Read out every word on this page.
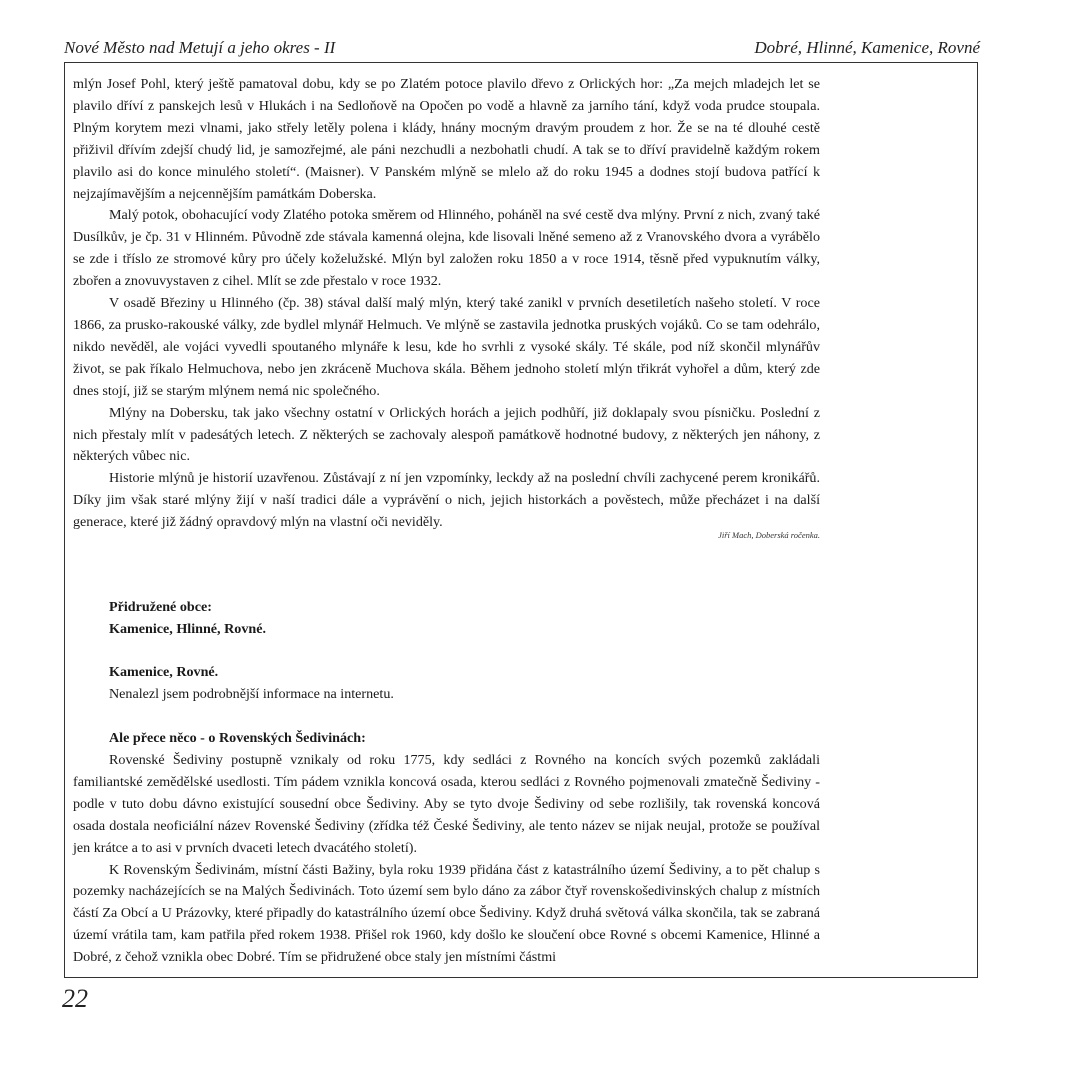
Nové Město nad Metují a jeho okres - II	Dobré, Hlinné, Kamenice, Rovné

mlýn Josef Pohl, který ještě pamatoval dobu, kdy se po Zlatém potoce plavilo dřevo z Orlických hor: „Za mejch mladejch let se plavilo dříví z panskejch lesů v Hlukách i na Sedloňově na Opočen po vodě a hlavně za jarního tání, když voda prudce stoupala. Plným korytem mezi vlnami, jako střely letěly polena i klády, hnány mocným dravým proudem z hor. Že se na té dlouhé cestě přiživil dřívím zdejší chudý lid, je samozřejmé, ale páni nezchudli a nezbohatli chudí. A tak se to dříví pravidelně každým rokem plavilo asi do konce minulého století“. (Maisner). V Panském mlýně se mlelo až do roku 1945 a dodnes stojí budova patřící k nejzajímavějším a nejcennějším památkám Doberska.

Malý potok, obohacující vody Zlatého potoka směrem od Hlinného, poháněl na své cestě dva mlýny. První z nich, zvaný také Dusílkův, je čp. 31 v Hlinném. Původně zde stávala kamenná olejna, kde lisovali lněné semeno až z Vranovského dvora a vyrábělo se zde i tříslo ze stromové kůry pro účely koželužské. Mlýn byl založen roku 1850 a v roce 1914, těsně před vypuknutím války, zbořen a znovuvystaven z cihel. Mlít se zde přestalo v roce 1932.

V osadě Březiny u Hlinného (čp. 38) stával další malý mlýn, který také zanikl v prvních desetiletích našeho století. V roce 1866, za prusko-rakouské války, zde bydlel mlynář Helmuch. Ve mlýně se zastavila jednotka pruských vojáků. Co se tam odehrálo, nikdo nevěděl, ale vojáci vyvedli spoutaného mlynáře k lesu, kde ho svrhli z vysoké skály. Té skále, pod níž skončil mlynářův život, se pak říkalo Helmuchova, nebo jen zkráceně Muchova skála. Během jednoho století mlýn třikrát vyhořel a dům, který zde dnes stojí, již se starým mlýnem nemá nic společného.

Mlýny na Dobersku, tak jako všechny ostatní v Orlických horách a jejich podhůří, již doklapaly svou písničku. Poslední z nich přestaly mlít v padesátých letech. Z některých se zachovaly alespoň památkově hodnotné budovy, z některých jen náhony, z některých vůbec nic.

Historie mlýnů je historií uzavřenou. Zůstávají z ní jen vzpomínky, leckdy až na poslední chvíli zachycené perem kronikářů. Díky jim však staré mlýny žijí v naší tradici dále a vyprávění o nich, jejich historkách a pověstech, může přecházet i na další generace, které již žádný opravdový mlýn na vlastní oči neviděly.

Jiří Mach, Doberská ročenka.
Přidružené obce:
Kamenice, Hlinné, Rovné.
Kamenice, Rovné.
Nenalezl jsem podrobnější informace na internetu.
Ale přece něco - o Rovenských Šedivinách:

Rovenské Šediviny postupně vznikaly od roku 1775, kdy sedláci z Rovného na koncích svých pozemků zakládali familiantské zemědělské usedlosti. Tím pádem vznikla koncová osada, kterou sedláci z Rovného pojmenovali zmatečně Šediviny - podle v tuto dobu dávno existující sousední obce Šediviny. Aby se tyto dvoje Šediviny od sebe rozlišily, tak rovenská koncová osada dostala neoficiální název Rovenské Šediviny (zřídka též České Šediviny, ale tento název se nijak neujal, protože se používal jen krátce a to asi v prvních dvaceti letech dvacátého století).

K Rovenským Šedivinám, místní části Bažiny, byla roku 1939 přidána část z katastrálního území Šediviny, a to pět chalup s pozemky nacházejících se na Malých Šedivinách. Toto území sem bylo dáno za zábor čtyř rovenskošedivinských chalup z místních částí Za Obcí a U Prázovky, které připadly do katastrálního území obce Šediviny. Když druhá světová válka skončila, tak se zabraná území vrátila tam, kam patřila před rokem 1938. Přišel rok 1960, kdy došlo ke sloučení obce Rovné s obcemi Kamenice, Hlinné a Dobré, z čehož vznikla obec Dobré. Tím se přidružené obce staly jen místními částmi

22
